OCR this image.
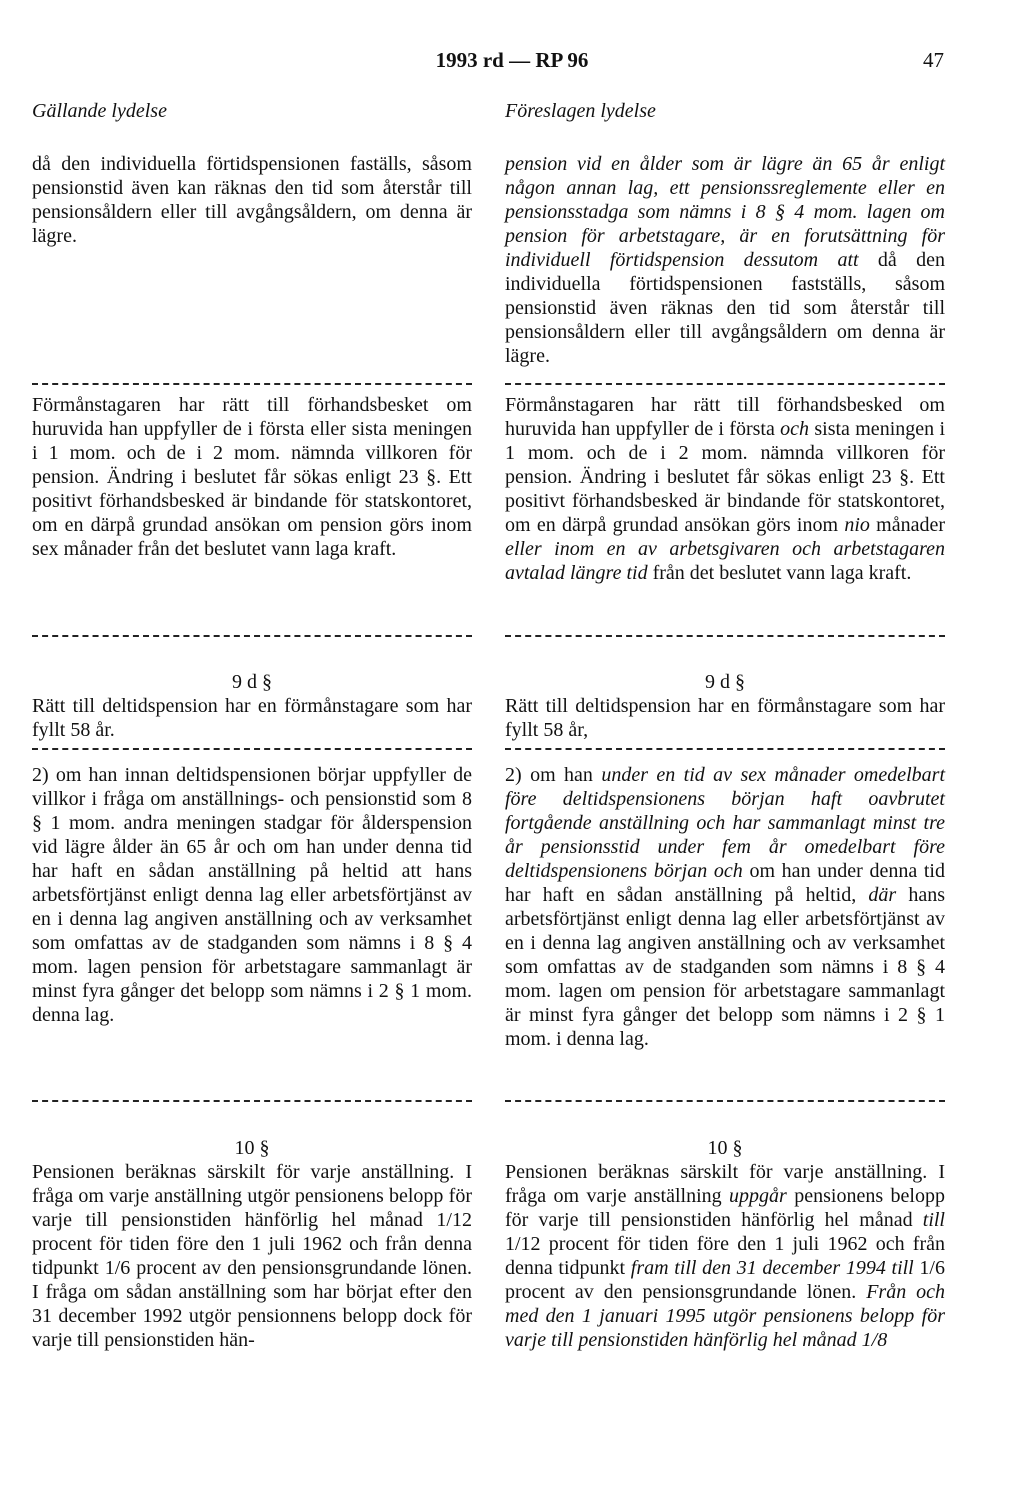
1993 rd — RP 96	47
Gällande lydelse

då den individuella förtidspensionen faställs, såsom pensionstid även kan räknas den tid som återstår till pensionsåldern eller till avgångsåldern, om denna är lägre.

Förmånstagaren har rätt till förhandsbesket om huruvida han uppfyller de i första eller sista meningen i 1 mom. och de i 2 mom. nämnda villkoren för pension. Ändring i beslutet får sökas enligt 23 §. Ett positivt förhandsbesked är bindande för statskontoret, om en därpå grundad ansökan om pension görs inom sex månader från det beslutet vann laga kraft.

9 d §

Rätt till deltidspension har en förmånstagare som har fyllt 58 år.

2) om han innan deltidspensionen börjar uppfyller de villkor i fråga om anställnings- och pensionstid som 8 § 1 mom. andra meningen stadgar för ålderspension vid lägre ålder än 65 år och om han under denna tid har haft en sådan anställning på heltid att hans arbetsförtjänst enligt denna lag eller arbetsförtjänst av en i denna lag angiven anställning och av verksamhet som omfattas av de stadganden som nämns i 8 § 4 mom. lagen pension för arbetstagare sammanlagt är minst fyra gånger det belopp som nämns i 2 § 1 mom. denna lag.

10 §

Pensionen beräknas särskilt för varje anställning. I fråga om varje anställning utgör pensionens belopp för varje till pensionstiden hänförlig hel månad 1/12 procent för tiden före den 1 juli 1962 och från denna tidpunkt 1/6 procent av den pensionsgrundande lönen. I fråga om sådan anställning som har börjat efter den 31 december 1992 utgör pensionnens belopp dock för varje till pensionstiden hän-

Föreslagen lydelse

pension vid en ålder som är lägre än 65 år enligt någon annan lag, ett pensionssreglemente eller en pensionsstadga som nämns i 8 § 4 mom. lagen om pension för arbetstagare, är en forutsättning för individuell förtidspension dessutom att då den individuella förtidspensionen fastställs, såsom pensionstid även räknas den tid som återstår till pensionsåldern eller till avgångsåldern om denna är lägre.

Förmånstagaren har rätt till förhandsbesked om huruvida han uppfyller de i första och sista meningen i 1 mom. och de i 2 mom. nämnda villkoren för pension. Ändring i beslutet får sökas enligt 23 §. Ett positivt förhandsbesked är bindande för statskontoret, om en därpå grundad ansökan görs inom nio månader eller inom en av arbetsgivaren och arbetstagaren avtalad längre tid från det beslutet vann laga kraft.

9 d §

Rätt till deltidspension har en förmånstagare som har fyllt 58 år,

2) om han under en tid av sex månader omedelbart före deltidspensionens början haft oavbrutet fortgående anställning och har sammanlagt minst tre år pensionsstid under fem år omedelbart före deltidspensionens början och om han under denna tid har haft en sådan anställning på heltid, där hans arbetsförtjänst enligt denna lag eller arbetsförtjänst av en i denna lag angiven anställning och av verksamhet som omfattas av de stadganden som nämns i 8 § 4 mom. lagen om pension för arbetstagare sammanlagt är minst fyra gånger det belopp som nämns i 2 § 1 mom. i denna lag.

10 §

Pensionen beräknas särskilt för varje anställning. I fråga om varje anställning uppgår pensionens belopp för varje till pensionstiden hänförlig hel månad till 1/12 procent för tiden före den 1 juli 1962 och från denna tidpunkt fram till den 31 december 1994 till 1/6 procent av den pensionsgrundande lönen. Från och med den 1 januari 1995 utgör pensionens belopp för varje till pensionstiden hänförlig hel månad 1/8
